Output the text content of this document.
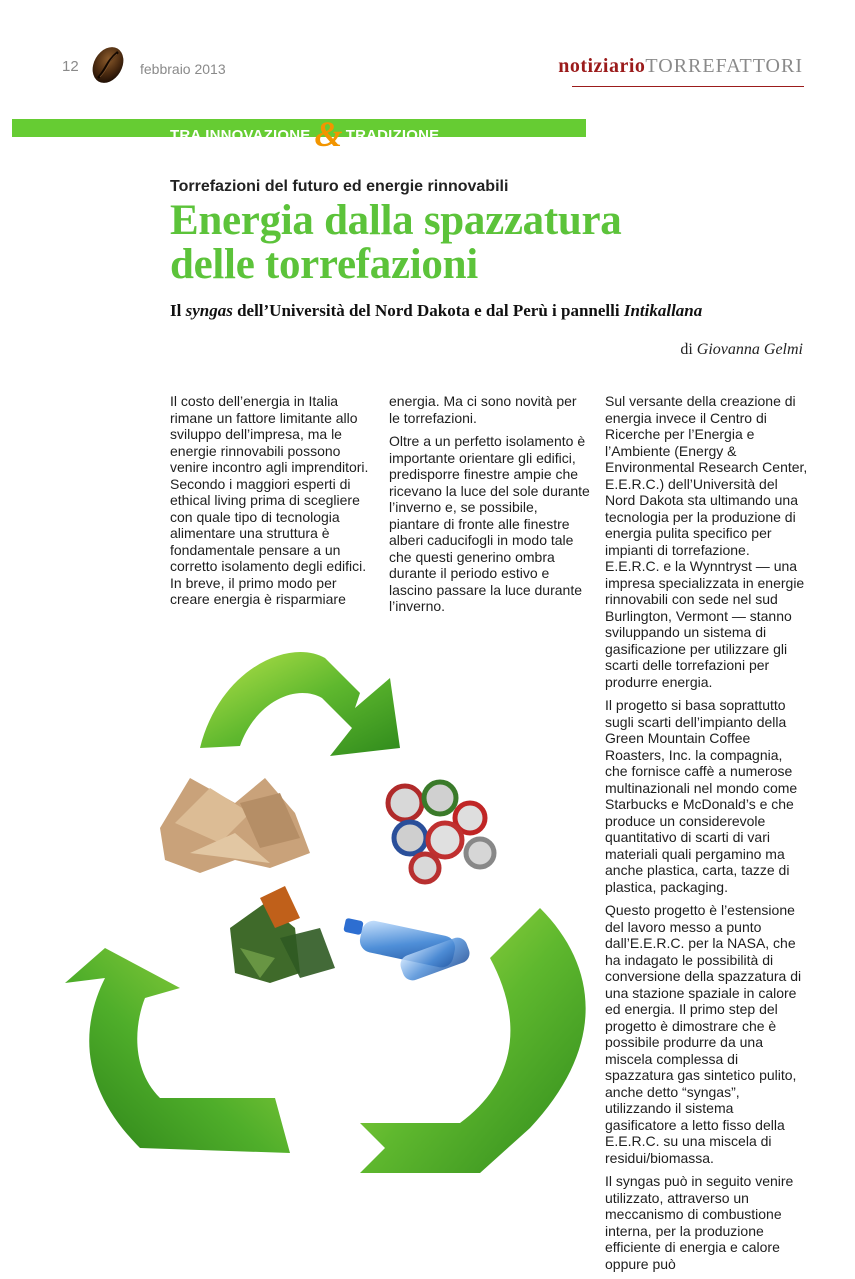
12	febbraio 2013	notiziarioTORREFATTORI
TRA INNOVAZIONE & TRADIZIONE
Torrefazioni del futuro ed energie rinnovabili
Energia dalla spazzatura
delle torrefazioni
Il syngas dell’Università del Nord Dakota e dal Perù i pannelli Intikallana
di Giovanna Gelmi

Il costo dell’energia in Italia rimane un fattore limitante allo sviluppo dell’impresa, ma le energie rinnovabili possono venire incontro agli imprenditori. Secondo i maggiori esperti di ethical living prima di scegliere con quale tipo di tecnologia alimentare una struttura è fondamentale pensare a un corretto isolamento degli edifici. In breve, il primo modo per creare energia è risparmiare

energia. Ma ci sono novità per le torrefazioni.

Oltre a un perfetto isolamento è importante orientare gli edifici, predisporre finestre ampie che ricevano la luce del sole durante l’inverno e, se possibile, piantare di fronte alle finestre alberi caducifogli in modo tale che questi generino ombra durante il periodo estivo e lascino passare la luce durante l’inverno.

Sul versante della creazione di energia invece il Centro di Ricerche per l’Energia e l’Ambiente (Energy & Environmental Research Center, E.E.R.C.) dell’Università del Nord Dakota sta ultimando una tecnologia per la produzione di energia pulita specifico per impianti di torrefazione. E.E.R.C. e la Wynntryst — una impresa specializzata in energie rinnovabili con sede nel sud Burlington, Vermont — stanno sviluppando un sistema di gasificazione per utilizzare gli scarti delle torrefazioni per produrre energia.

Il progetto si basa soprattutto sugli scarti dell’impianto della Green Mountain Coffee Roasters, Inc. la compagnia, che fornisce caffè a numerose multinazionali nel mondo come Starbucks e McDonald’s e che produce un considerevole quantitativo di scarti di vari materiali quali pergamino ma anche plastica, carta, tazze di plastica, packaging.

Questo progetto è l’estensione del lavoro messo a punto dall’E.E.R.C. per la NASA, che ha indagato le possibilità di conversione della spazzatura di una stazione spaziale in calore ed energia. Il primo step del progetto è dimostrare che è possibile produrre da una miscela complessa di spazzatura gas sintetico pulito, anche detto “syngas”, utilizzando il sistema gasificatore a letto fisso della E.E.R.C. su una miscela di residui/biomassa.

Il syngas può in seguito venire utilizzato, attraverso un meccanismo di combustione interna, per la produzione efficiente di energia e calore oppure può
